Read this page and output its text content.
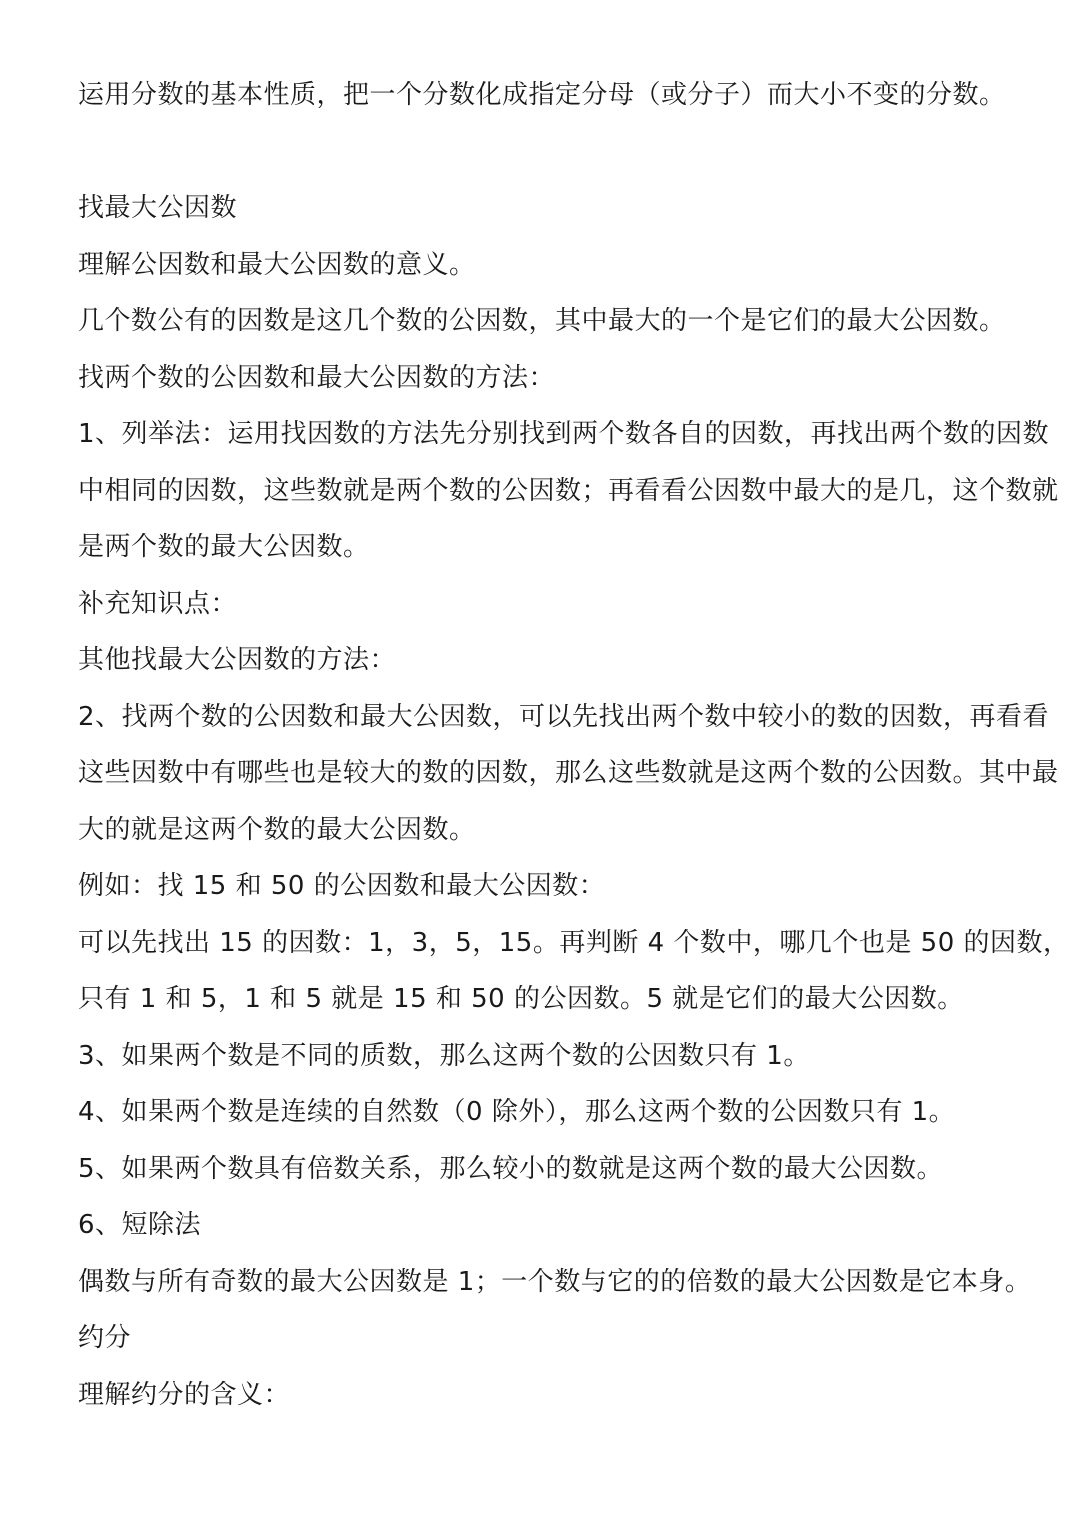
运用分数的基本性质，把一个分数化成指定分母（或分子）而大小不变的分数。
找最大公因数
理解公因数和最大公因数的意义。
几个数公有的因数是这几个数的公因数，其中最大的一个是它们的最大公因数。
找两个数的公因数和最大公因数的方法：
1、列举法：运用找因数的方法先分别找到两个数各自的因数，再找出两个数的因数
中相同的因数，这些数就是两个数的公因数；再看看公因数中最大的是几，这个数就
是两个数的最大公因数。
补充知识点：
其他找最大公因数的方法：
2、找两个数的公因数和最大公因数，可以先找出两个数中较小的数的因数，再看看
这些因数中有哪些也是较大的数的因数，那么这些数就是这两个数的公因数。其中最
大的就是这两个数的最大公因数。
例如：找 15 和 50 的公因数和最大公因数：
可以先找出 15 的因数：1，3，5，15。再判断 4 个数中，哪几个也是 50 的因数，
只有 1 和 5，1 和 5 就是 15 和 50 的公因数。5 就是它们的最大公因数。
3、如果两个数是不同的质数，那么这两个数的公因数只有 1。
4、如果两个数是连续的自然数（0 除外），那么这两个数的公因数只有 1。
5、如果两个数具有倍数关系，那么较小的数就是这两个数的最大公因数。
6、短除法
偶数与所有奇数的最大公因数是 1；一个数与它的的倍数的最大公因数是它本身。
约分
理解约分的含义：
